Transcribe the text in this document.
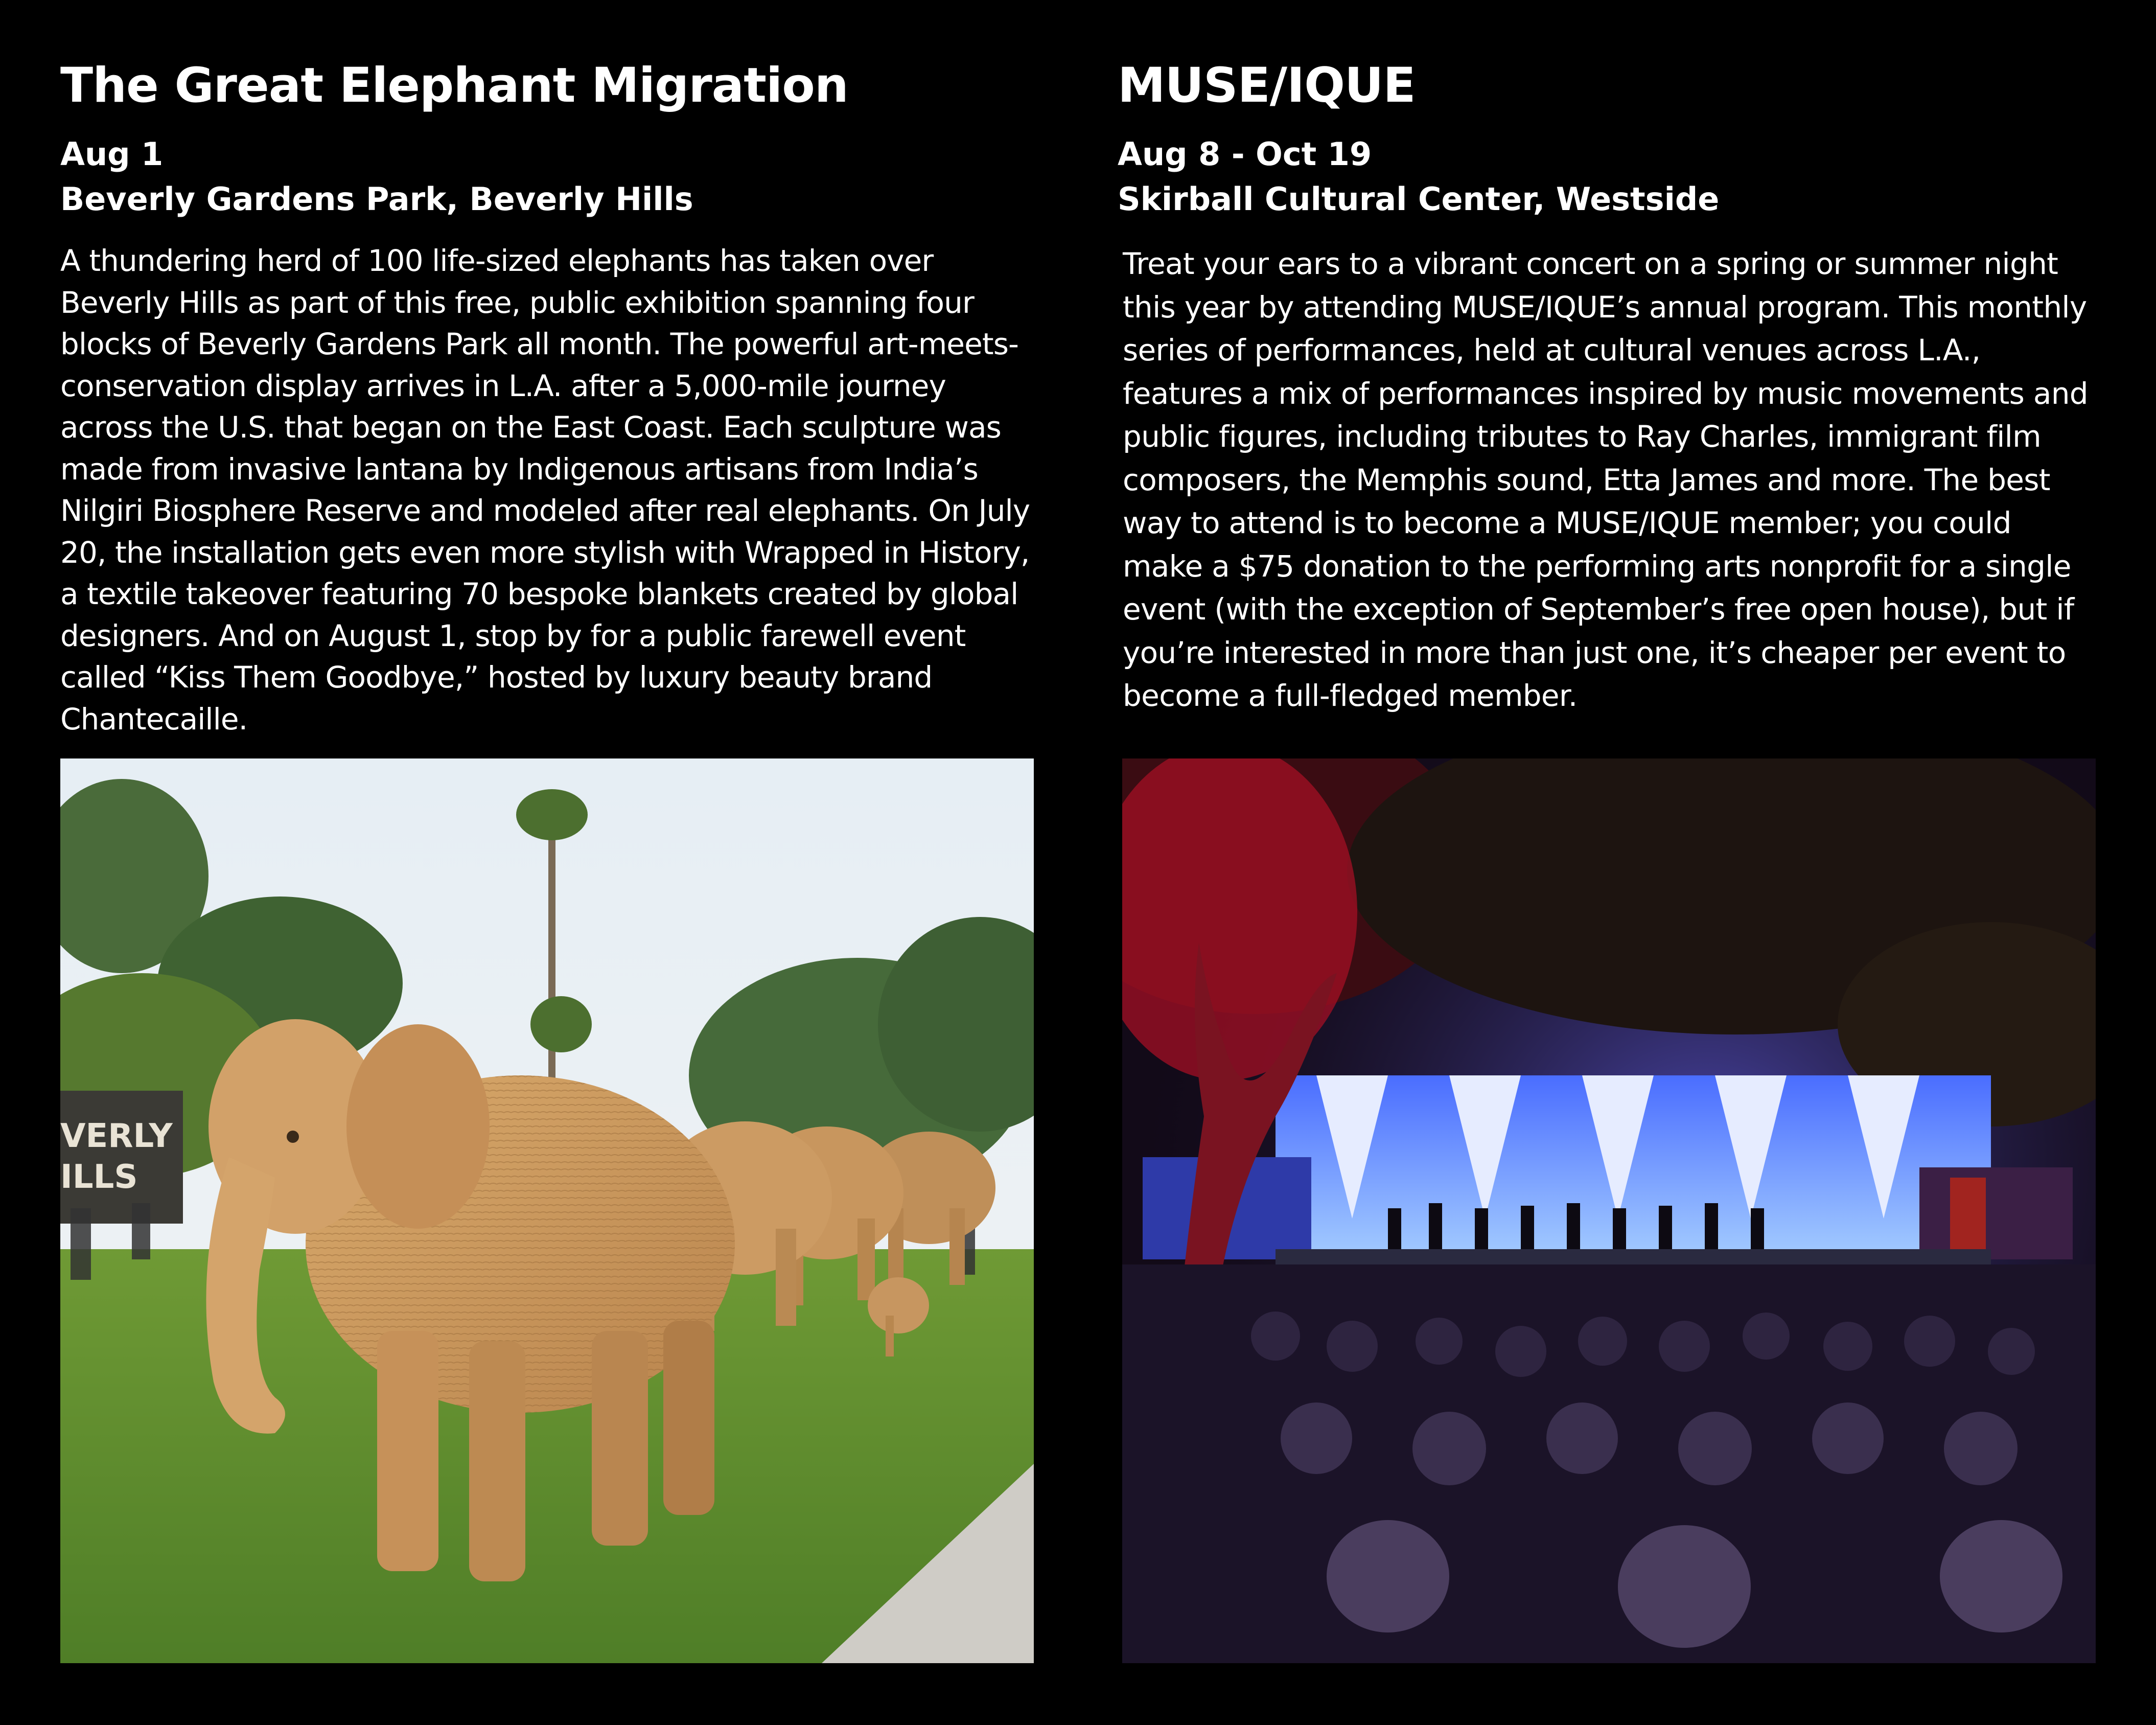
The Great Elephant Migration
Aug 1
Beverly Gardens Park, Beverly Hills

A thundering herd of 100 life-sized elephants has taken over Beverly Hills as part of this free, public exhibition spanning four blocks of Beverly Gardens Park all month. The powerful art-meets-conservation display arrives in L.A. after a 5,000-mile journey across the U.S. that began on the East Coast. Each sculpture was made from invasive lantana by Indigenous artisans from India’s Nilgiri Biosphere Reserve and modeled after real elephants. On July 20, the installation gets even more stylish with Wrapped in History, a textile takeover featuring 70 bespoke blankets created by global designers. And on August 1, stop by for a public farewell event called “Kiss Them Goodbye,” hosted by luxury beauty brand Chantecaille.

VERLY
ILLS
MUSE/IQUE
Aug 8 - Oct 19
Skirball Cultural Center, Westside

Treat your ears to a vibrant concert on a spring or summer night this year by attending MUSE/IQUE’s annual program. This monthly series of performances, held at cultural venues across L.A., features a mix of performances inspired by music movements and public figures, including tributes to Ray Charles, immigrant film composers, the Memphis sound, Etta James and more. The best way to attend is to become a MUSE/IQUE member; you could make a $75 donation to the performing arts nonprofit for a single event (with the exception of September’s free open house), but if you’re interested in more than just one, it’s cheaper per event to become a full-fledged member.
